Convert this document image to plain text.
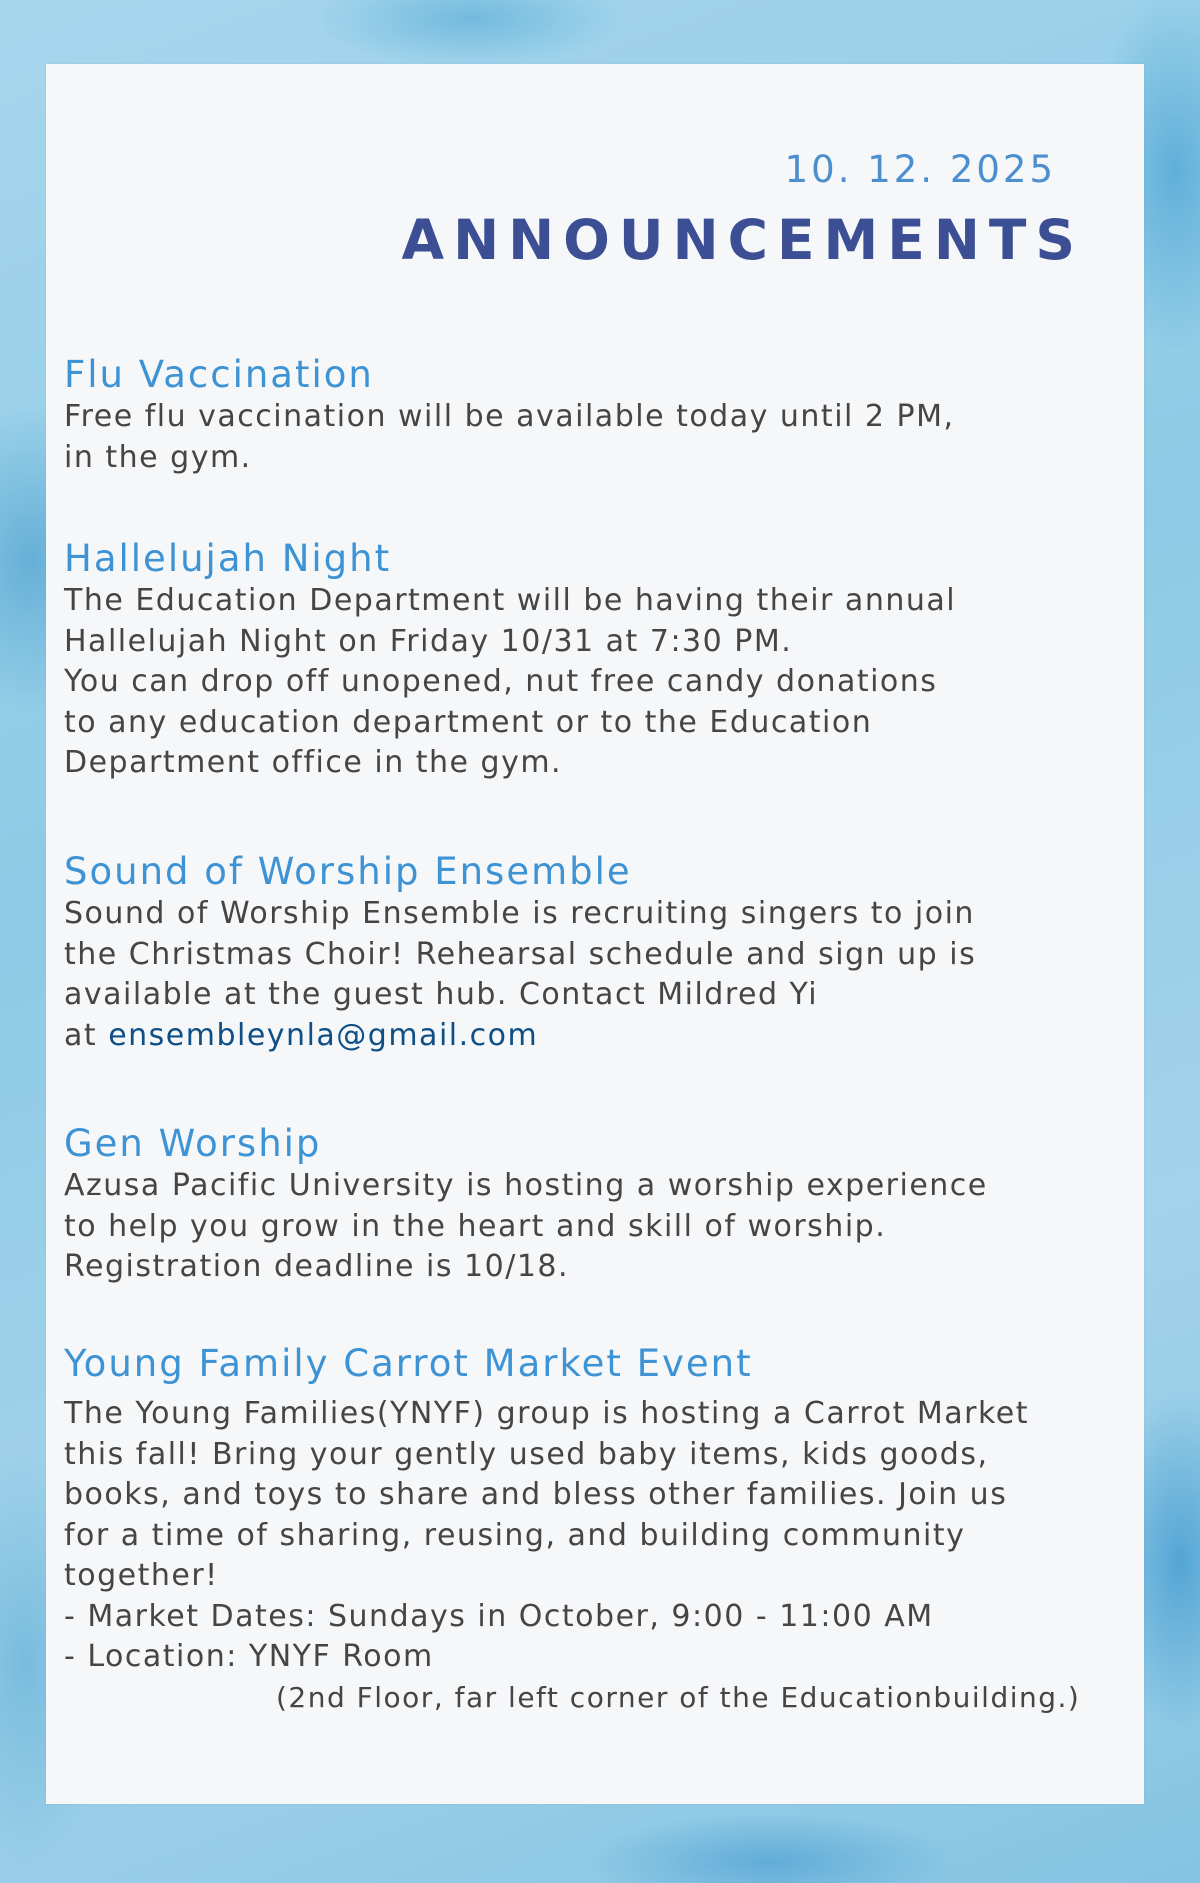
10. 12. 2025
ANNOUNCEMENTS
Flu Vaccination
Free flu vaccination will be available today until 2 PM,
in the gym.
Hallelujah Night
The Education Department will be having their annual
Hallelujah Night on Friday 10/31 at 7:30 PM.
You can drop off unopened, nut free candy donations
to any education department or to the Education
Department office in the gym.
Sound of Worship Ensemble
Sound of Worship Ensemble is recruiting singers to join
the Christmas Choir! Rehearsal schedule and sign up is
available at the guest hub. Contact Mildred Yi
at ensembleynla@gmail.com
Gen Worship
Azusa Pacific University is hosting a worship experience
to help you grow in the heart and skill of worship.
Registration deadline is 10/18.
Young Family Carrot Market Event
The Young Families(YNYF) group is hosting a Carrot Market
this fall! Bring your gently used baby items, kids goods,
books, and toys to share and bless other families. Join us
for a time of sharing, reusing, and building community
together!
- Market Dates: Sundays in October, 9:00 - 11:00 AM
- Location: YNYF Room
(2nd Floor, far left corner of the Educationbuilding.)
